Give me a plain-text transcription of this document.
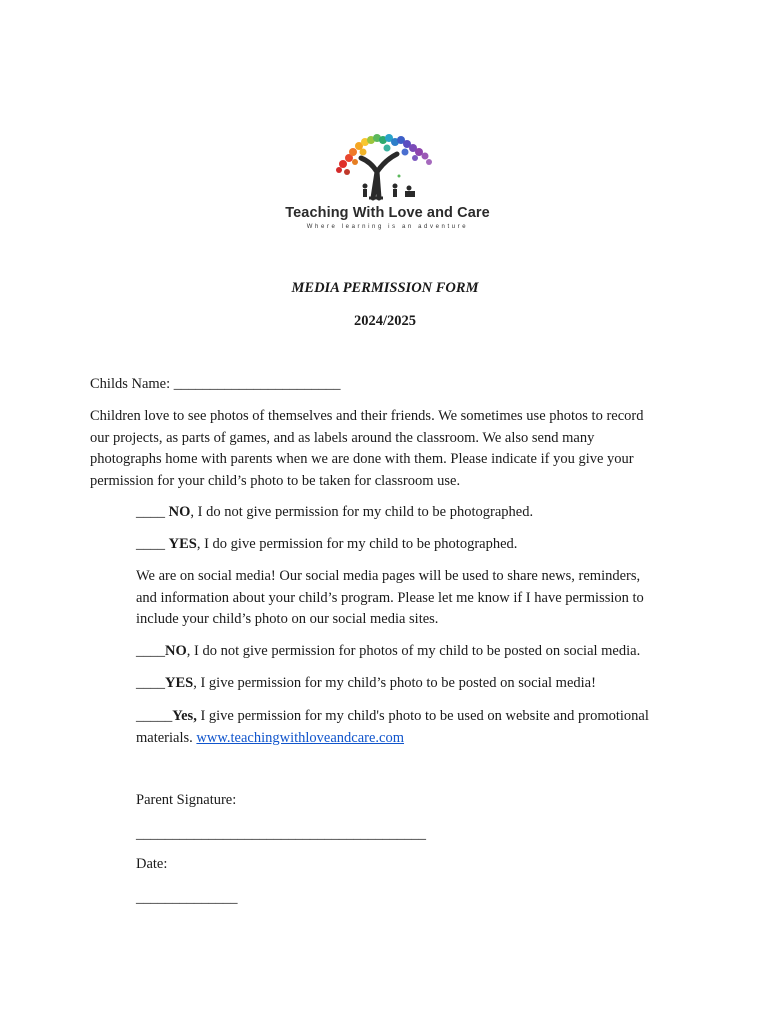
Teaching With Love and Care
Where learning is an adventure
MEDIA PERMISSION FORM
2024/2025
Childs Name: _______________________

Children love to see photos of themselves and their friends. We sometimes use photos to record

our projects, as parts of games, and as labels around the classroom. We also send many

photographs home with parents when we are done with them. Please indicate if you give your

permission for your child’s photo to be taken for classroom use.

____ NO, I do not give permission for my child to be photographed.
____ YES, I do give permission for my child to be photographed.

We are on social media! Our social media pages will be used to share news, reminders,

and information about your child’s program. Please let me know if I have permission to

include your child’s photo on our social media sites.

____NO, I do not give permission for photos of my child to be posted on social media.
____YES, I give permission for my child’s photo to be posted on social media!

_____Yes, I give permission for my child's photo to be used on website and promotional

materials. www.teachingwithloveandcare.com

Parent Signature:
________________________________________
Date:
______________
